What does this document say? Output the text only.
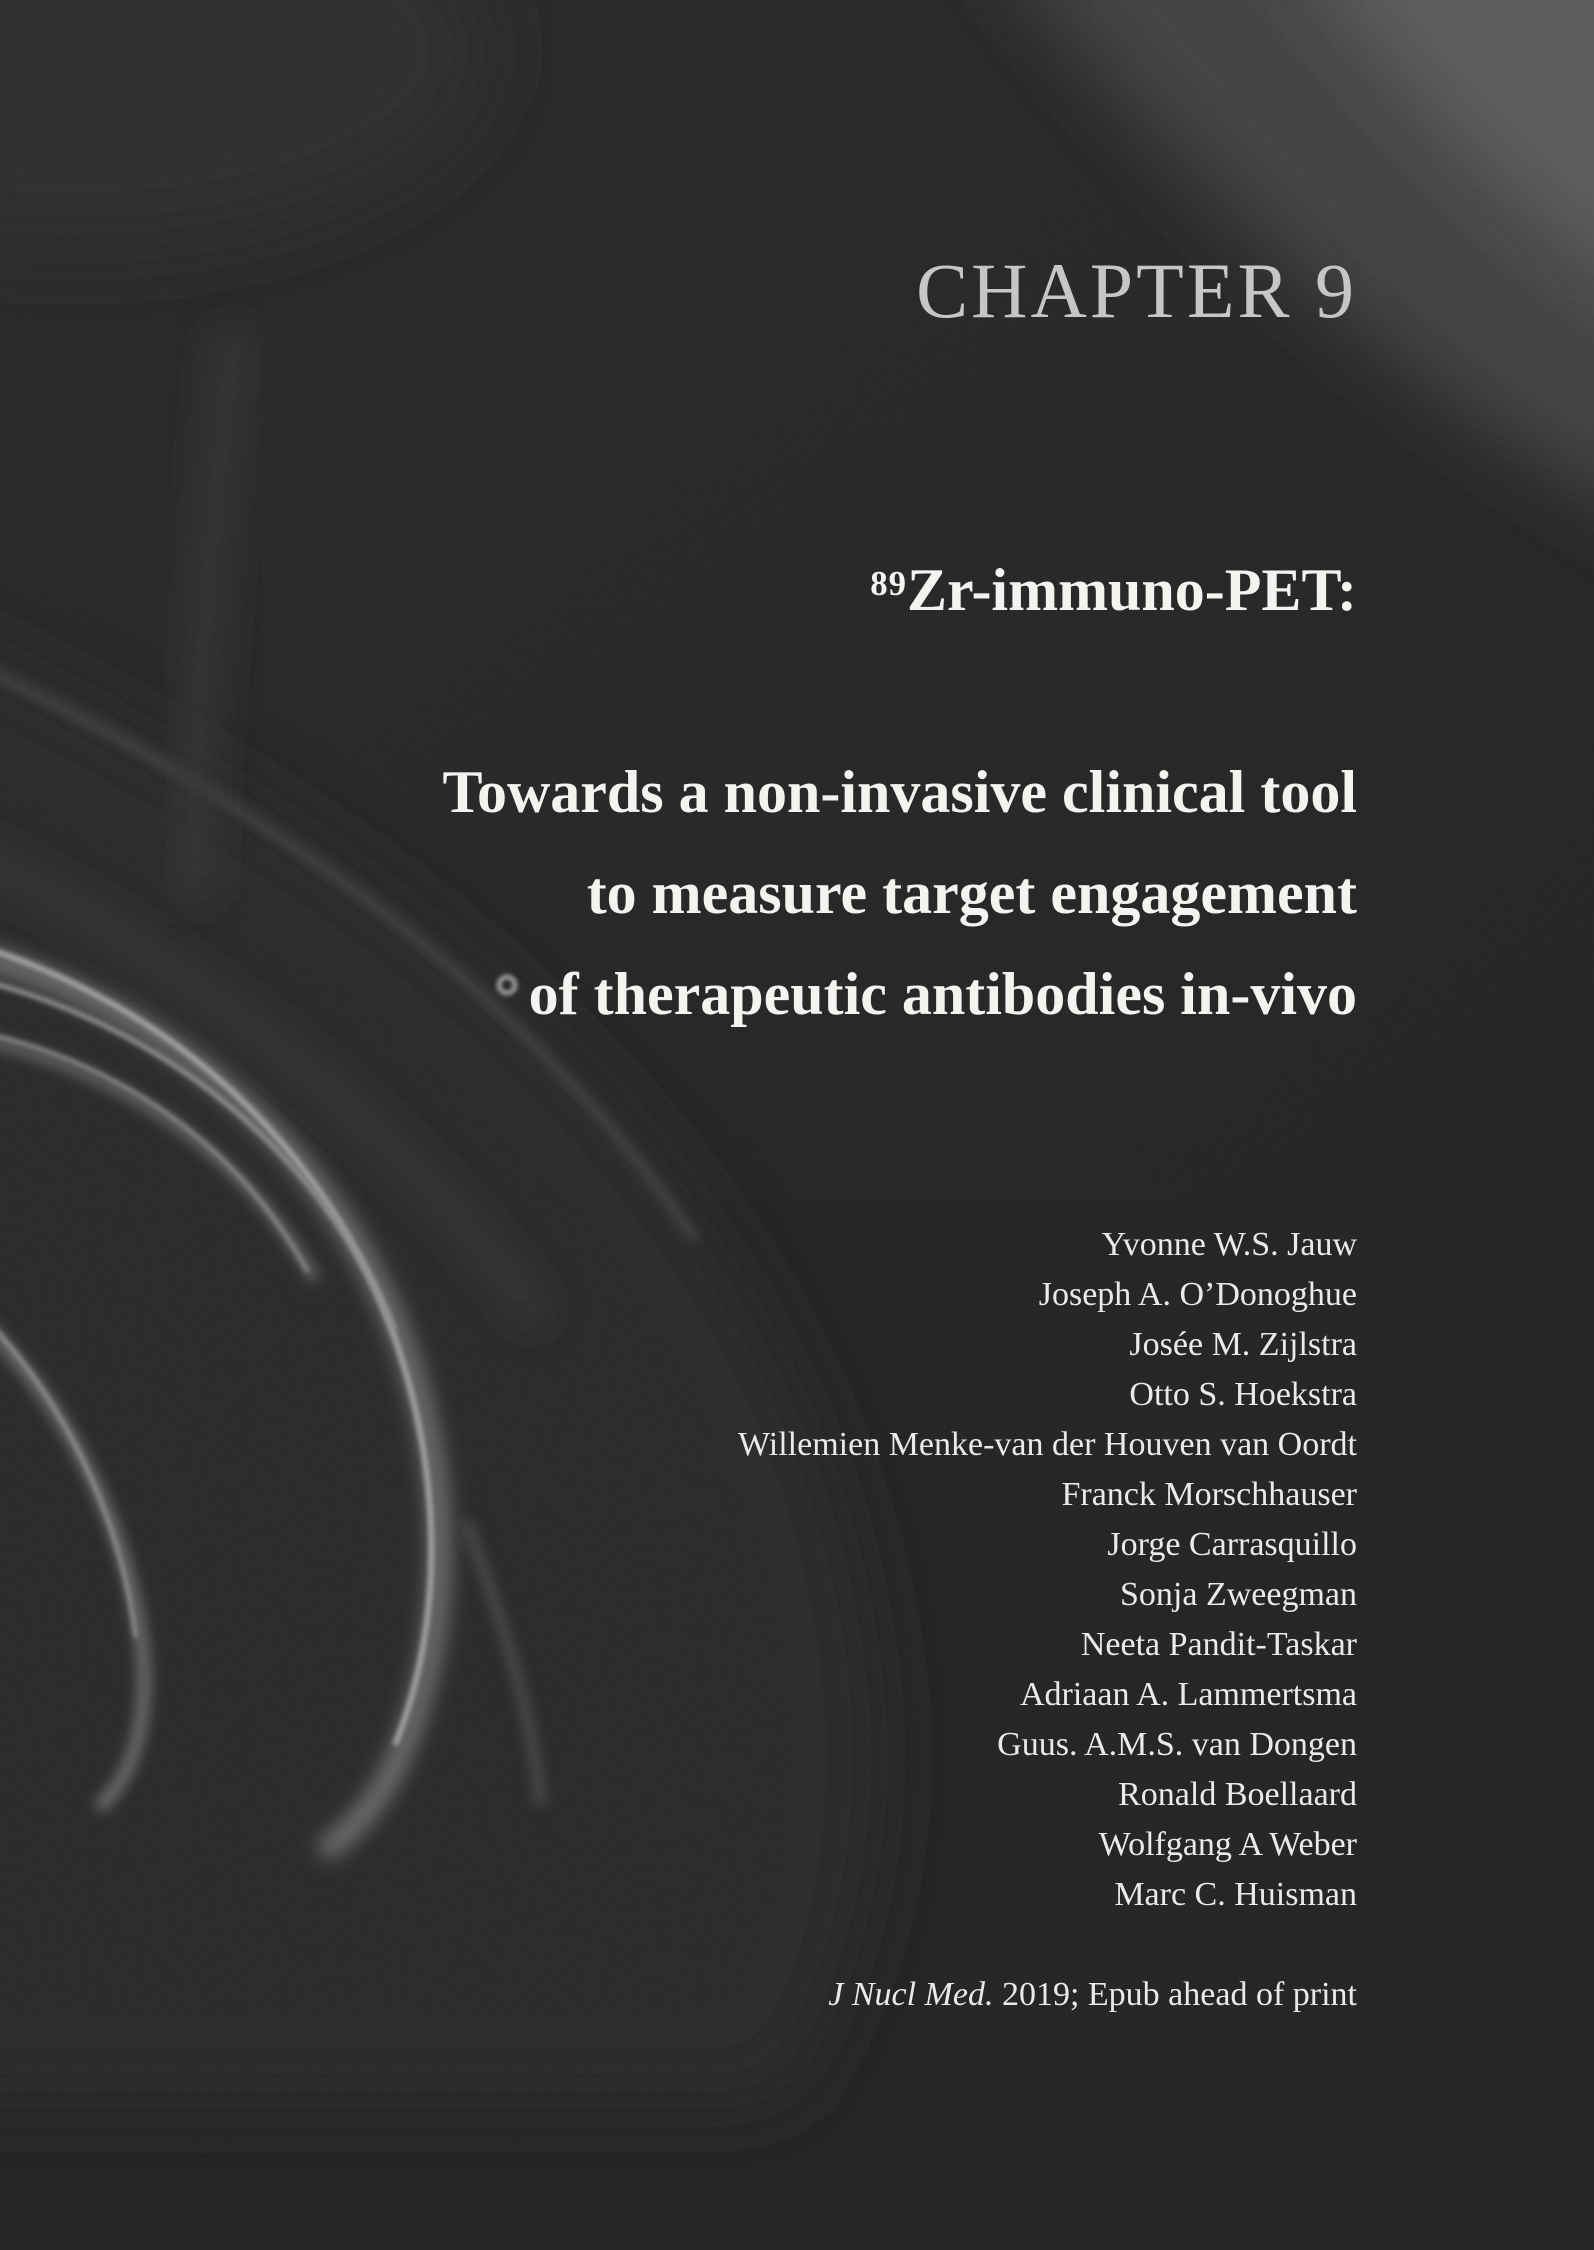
CHAPTER 9
$^{89}$Zr-immuno-PET:
Towards a non-invasive clinical tool
to measure target engagement
of therapeutic antibodies in-vivo
Yvonne W.S. Jauw
Joseph A. O’Donoghue
Josée M. Zijlstra
Otto S. Hoekstra
Willemien Menke-van der Houven van Oordt
Franck Morschhauser
Jorge Carrasquillo
Sonja Zweegman
Neeta Pandit-Taskar
Adriaan A. Lammertsma
Guus. A.M.S. van Dongen
Ronald Boellaard
Wolfgang A Weber
Marc C. Huisman
J Nucl Med. 2019; Epub ahead of print
